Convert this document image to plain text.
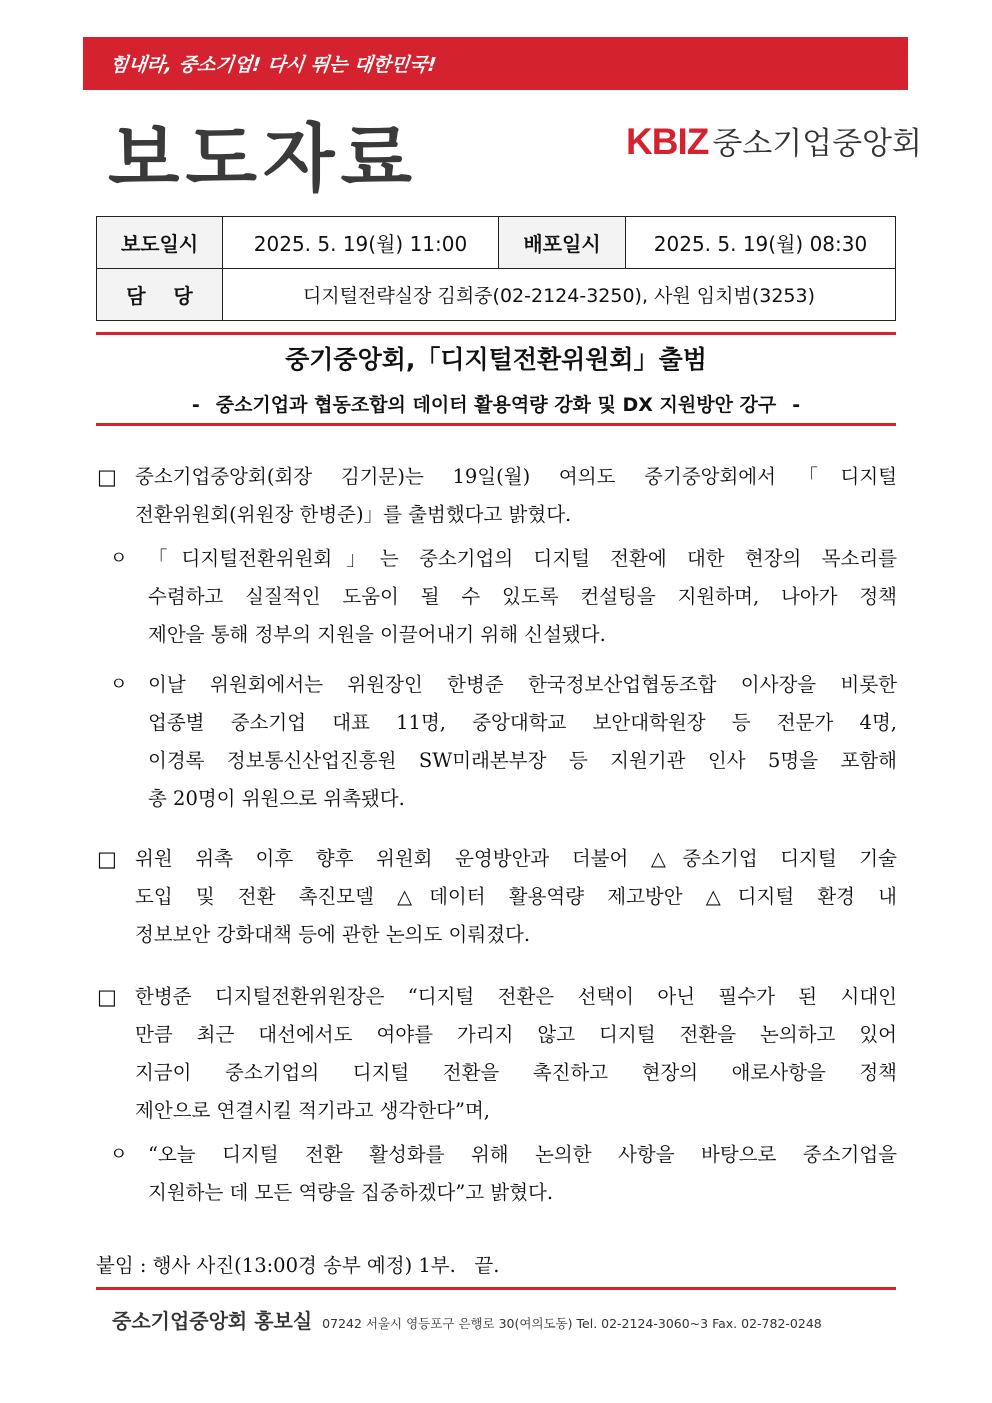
힘내라, 중소기업! 다시 뛰는 대한민국!
보도자료	KBIZ 중소기업중앙회
보도일시	2025. 5. 19(월) 11:00	배포일시	2025. 5. 19(월) 08:30
담    당	디지털전략실장 김희중(02-2124-3250), 사원 임치범(3253)		
중기중앙회,「디지털전환위원회」출범
- 중소기업과 협동조합의 데이터 활용역량 강화 및 DX 지원방안 강구 -
□ 중소기업중앙회(회장 김기문)는 19일(월) 여의도 중기중앙회에서「디지털
전환위원회(위원장 한병준)」를 출범했다고 밝혔다.
ㅇ	「디지털전환위원회」는 중소기업의 디지털 전환에 대한 현장의 목소리를
수렴하고 실질적인 도움이 될 수 있도록 컨설팅을 지원하며, 나아가 정책
제안을 통해 정부의 지원을 이끌어내기 위해 신설됐다.
ㅇ	이날 위원회에서는 위원장인 한병준 한국정보산업협동조합 이사장을 비롯한
업종별 중소기업 대표 11명, 중앙대학교 보안대학원장 등 전문가 4명,
이경록 정보통신산업진흥원 SW미래본부장 등 지원기관 인사 5명을 포함해
총 20명이 위원으로 위촉됐다.
□ 위원 위촉 이후 향후 위원회 운영방안과 더불어 △중소기업 디지털 기술
도입 및 전환 촉진모델 △데이터 활용역량 제고방안 △디지털 환경 내
정보보안 강화대책 등에 관한 논의도 이뤄졌다.
□ 한병준 디지털전환위원장은 “디지털 전환은 선택이 아닌 필수가 된 시대인
만큼 최근 대선에서도 여야를 가리지 않고 디지털 전환을 논의하고 있어
지금이 중소기업의 디지털 전환을 촉진하고 현장의 애로사항을 정책
제안으로 연결시킬 적기라고 생각한다”며,
ㅇ	“오늘 디지털 전환 활성화를 위해 논의한 사항을 바탕으로 중소기업을
지원하는 데 모든 역량을 집중하겠다”고 밝혔다.
붙임 : 행사 사진(13:00경 송부 예정) 1부.   끝.
중소기업중앙회 홍보실 07242 서울시 영등포구 은행로 30(여의도동) Tel. 02-2124-3060~3 Fax. 02-782-0248
